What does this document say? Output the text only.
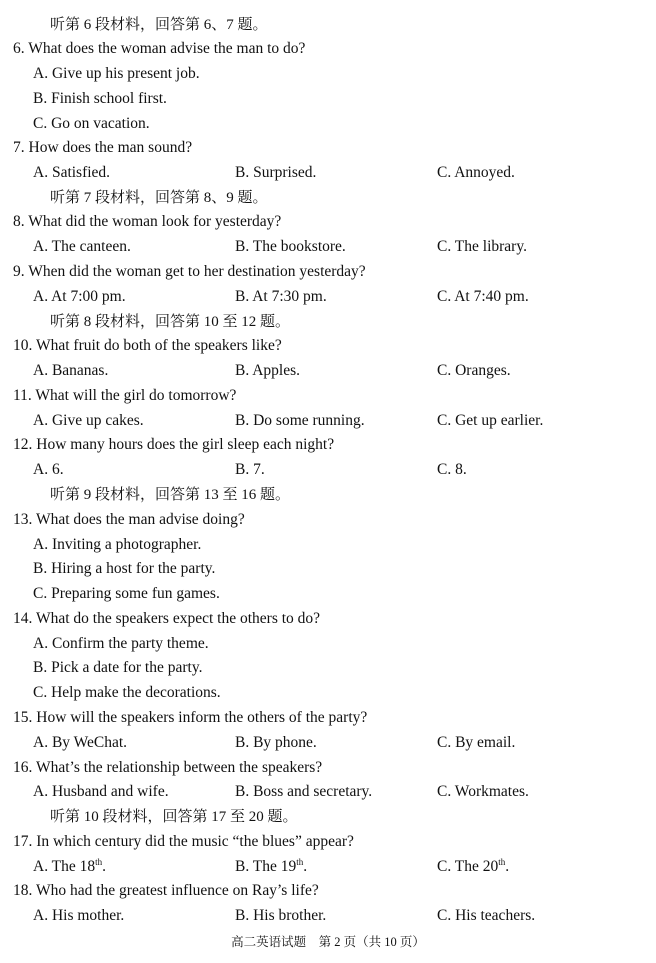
听第 6 段材料，回答第 6、7 题。
6. What does the woman advise the man to do?
A. Give up his present job.
B. Finish school first.
C. Go on vacation.
7. How does the man sound?
A. Satisfied.	B. Surprised.	C. Annoyed.
听第 7 段材料，回答第 8、9 题。
8. What did the woman look for yesterday?
A. The canteen.	B. The bookstore.	C. The library.
9. When did the woman get to her destination yesterday?
A. At 7:00 pm.	B. At 7:30 pm.	C. At 7:40 pm.
听第 8 段材料，回答第 10 至 12 题。
10. What fruit do both of the speakers like?
A. Bananas.	B. Apples.	C. Oranges.
11. What will the girl do tomorrow?
A. Give up cakes.	B. Do some running.	C. Get up earlier.
12. How many hours does the girl sleep each night?
A. 6.	B. 7.	C. 8.
听第 9 段材料，回答第 13 至 16 题。
13. What does the man advise doing?
A. Inviting a photographer.
B. Hiring a host for the party.
C. Preparing some fun games.
14. What do the speakers expect the others to do?
A. Confirm the party theme.
B. Pick a date for the party.
C. Help make the decorations.
15. How will the speakers inform the others of the party?
A. By WeChat.	B. By phone.	C. By email.
16. What’s the relationship between the speakers?
A. Husband and wife.	B. Boss and secretary.	C. Workmates.
听第 10 段材料，回答第 17 至 20 题。
17. In which century did the music “the blues” appear?
A. The 18th.	B. The 19th.	C. The 20th.
18. Who had the greatest influence on Ray’s life?
A. His mother.	B. His brother.	C. His teachers.
高二英语试题　第 2 页（共 10 页）
